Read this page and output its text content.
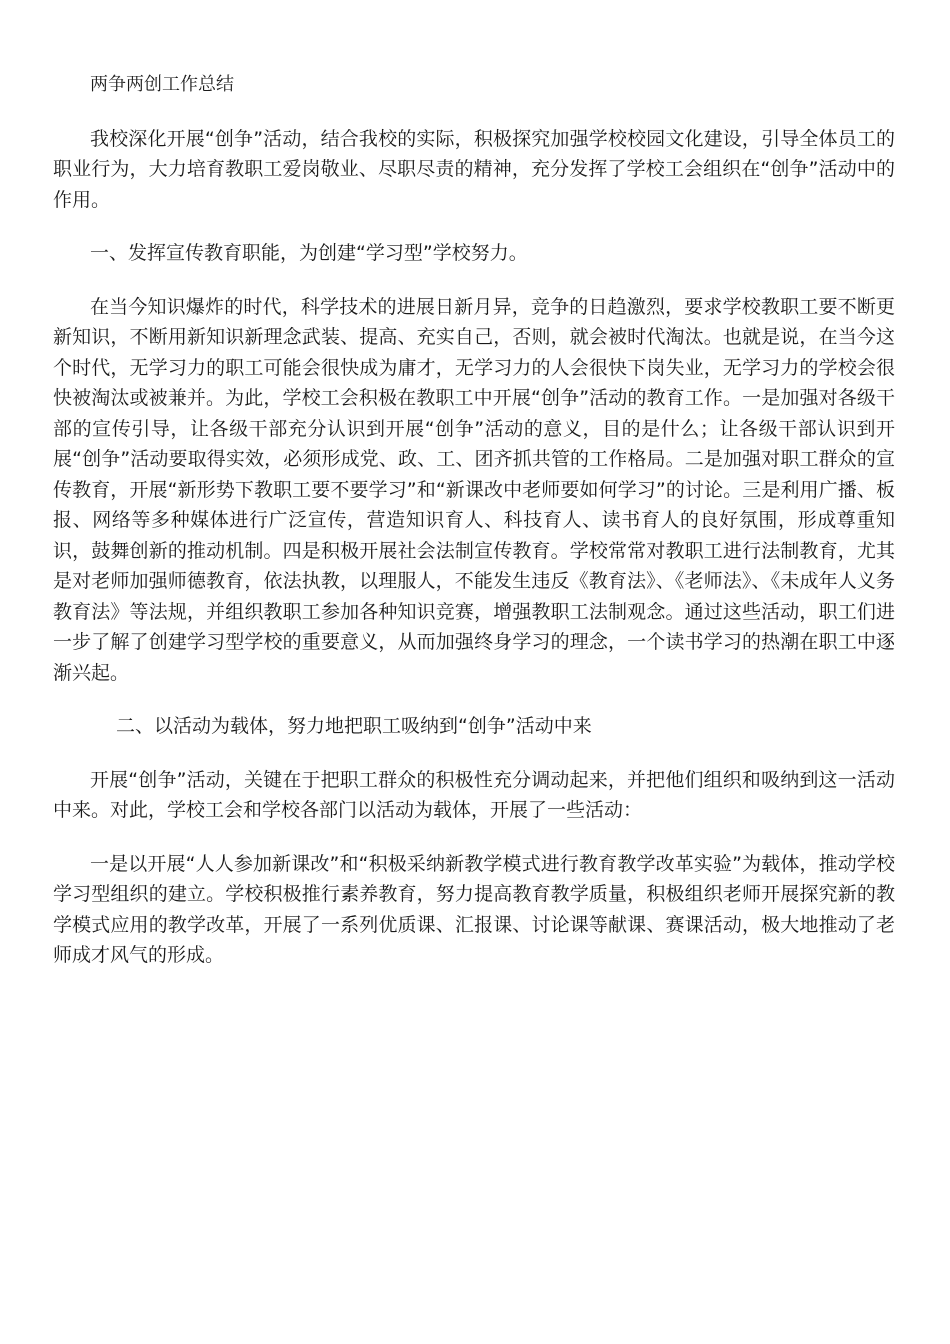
两争两创工作总结

我校深化开展“创争”活动，结合我校的实际，积极探究加强学校校园文化建设，引导全体员工的职业行为，大力培育教职工爱岗敬业、尽职尽责的精神，充分发挥了学校工会组织在“创争”活动中的作用。

一、发挥宣传教育职能，为创建“学习型”学校努力。

在当今知识爆炸的时代，科学技术的进展日新月异，竞争的日趋激烈，要求学校教职工要不断更新知识，不断用新知识新理念武装、提高、充实自己，否则，就会被时代淘汰。也就是说，在当今这个时代，无学习力的职工可能会很快成为庸才，无学习力的人会很快下岗失业，无学习力的学校会很快被淘汰或被兼并。为此，学校工会积极在教职工中开展“创争”活动的教育工作。一是加强对各级干部的宣传引导，让各级干部充分认识到开展“创争”活动的意义，目的是什么；让各级干部认识到开展“创争”活动要取得实效，必须形成党、政、工、团齐抓共管的工作格局。二是加强对职工群众的宣传教育，开展“新形势下教职工要不要学习”和“新课改中老师要如何学习”的讨论。三是利用广播、板报、网络等多种媒体进行广泛宣传，营造知识育人、科技育人、读书育人的良好氛围，形成尊重知识，鼓舞创新的推动机制。四是积极开展社会法制宣传教育。学校常常对教职工进行法制教育，尤其是对老师加强师德教育，依法执教，以理服人，不能发生违反《教育法》、《老师法》、《未成年人义务教育法》等法规，并组织教职工参加各种知识竞赛，增强教职工法制观念。通过这些活动，职工们进一步了解了创建学习型学校的重要意义，从而加强终身学习的理念，一个读书学习的热潮在职工中逐渐兴起。

二、以活动为载体，努力地把职工吸纳到“创争”活动中来

开展“创争”活动，关键在于把职工群众的积极性充分调动起来，并把他们组织和吸纳到这一活动中来。对此，学校工会和学校各部门以活动为载体，开展了一些活动：

一是以开展“人人参加新课改”和“积极采纳新教学模式进行教育教学改革实验”为载体，推动学校学习型组织的建立。学校积极推行素养教育，努力提高教育教学质量，积极组织老师开展探究新的教学模式应用的教学改革，开展了一系列优质课、汇报课、讨论课等献课、赛课活动，极大地推动了老师成才风气的形成。
